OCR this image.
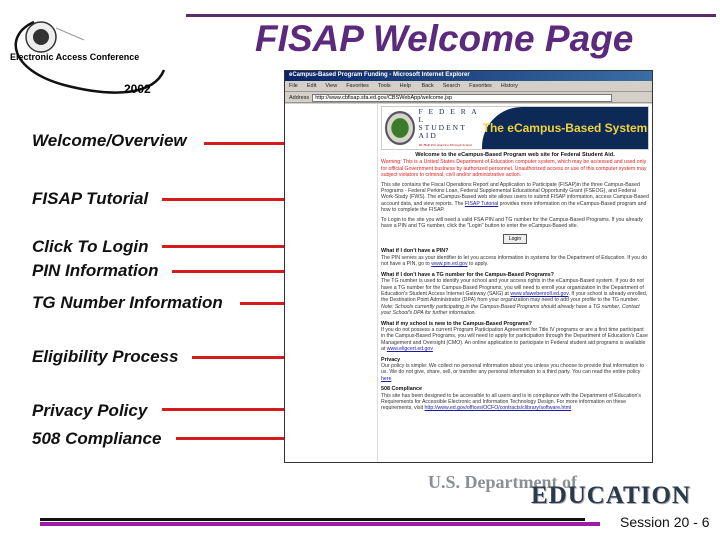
Electronic Access Conference
2002
FISAP Welcome Page
Welcome/Overview
FISAP Tutorial
Click To Login
PIN Information
TG Number Information
Eligibility Process
Privacy Policy
508 Compliance
eCampus-Based Program Funding - Microsoft Internet Explorer
File Edit View Favorites Tools Help Back Search Favorites History
Addresshttp://www.cbfisap.sfa.ed.gov/CBSWebApp/welcome.jsp
F E D E R A L
STUDENT AID
We Help Put America Through School
The eCampus-Based System
Welcome to the eCampus-Based Program web site for Federal Student Aid.
Warning: This is a United States Department of Education computer system, which may be accessed and used only for official Government business by authorized personnel. Unauthorized access or use of this computer system may subject violators to criminal, civil and/or administrative action.

This site contains the Fiscal Operations Report and Application to Participate (FISAP)in the three Campus-Based Programs - Federal Perkins Loan, Federal Supplemental Educational Opportunity Grant (FSEOG), and Federal Work-Study (FWS). The eCampus-Based web site allows users to submit FISAP information, access Campus-Based account data, and view reports. The FISAP Tutorial provides more information on the eCampus-Based program and how to complete the FISAP.

To Login to the site you will need a valid FSA PIN and TG number for the Campus-Based Programs. If you already have a PIN and TG number, click the "Login" button to enter the eCampus-Based site.

Login
What if I don't have a PIN?
The PIN serves as your identifier to let you access information in systems for the Department of Education. If you do not have a PIN, go to www.pin.ed.gov to apply.
What if I don't have a TG number for the Campus-Based Programs?
The TG number is used to identify your school and your access rights in the eCampus-Based system. If you do not have a TG number for the Campus-Based Programs, you will need to enroll your organization in the Department of Education's Student Access Internet Gateway (SAIG) at www.sfawebenroll.ed.gov. If your school is already enrolled, the Destination Point Administrator (DPA) from your organization may need to add your profile to the TG number.
Note: Schools currently participating in the Campus-Based Programs should already have a TG number. Contact your School's DPA for further information.
What if my school is new to the Campus-Based Programs?
If you do not possess a current Program Participation Agreement for Title IV programs or are a first time participant in the Campus-Based Programs, you will need to apply for participation through the Department of Education's Case Management and Oversight (CMO). An online application to participate in Federal student aid programs is available at www.eligcert.ed.gov
Privacy
Our policy is simple: We collect no personal information about you unless you choose to provide that information to us. We do not give, share, sell, or transfer any personal information to a third party. You can read the entire policy here
508 Compliance
This site has been designed to be accessible to all users and is in compliance with the Department of Education's Requirements for Accessible Electronic and Information Technology Design. For more information on these requirements, visit http://www.ed.gov/offices/OCFO/contracts/clibrary/software.html
U.S. Department of
EDUCATION
Session 20 - 6
